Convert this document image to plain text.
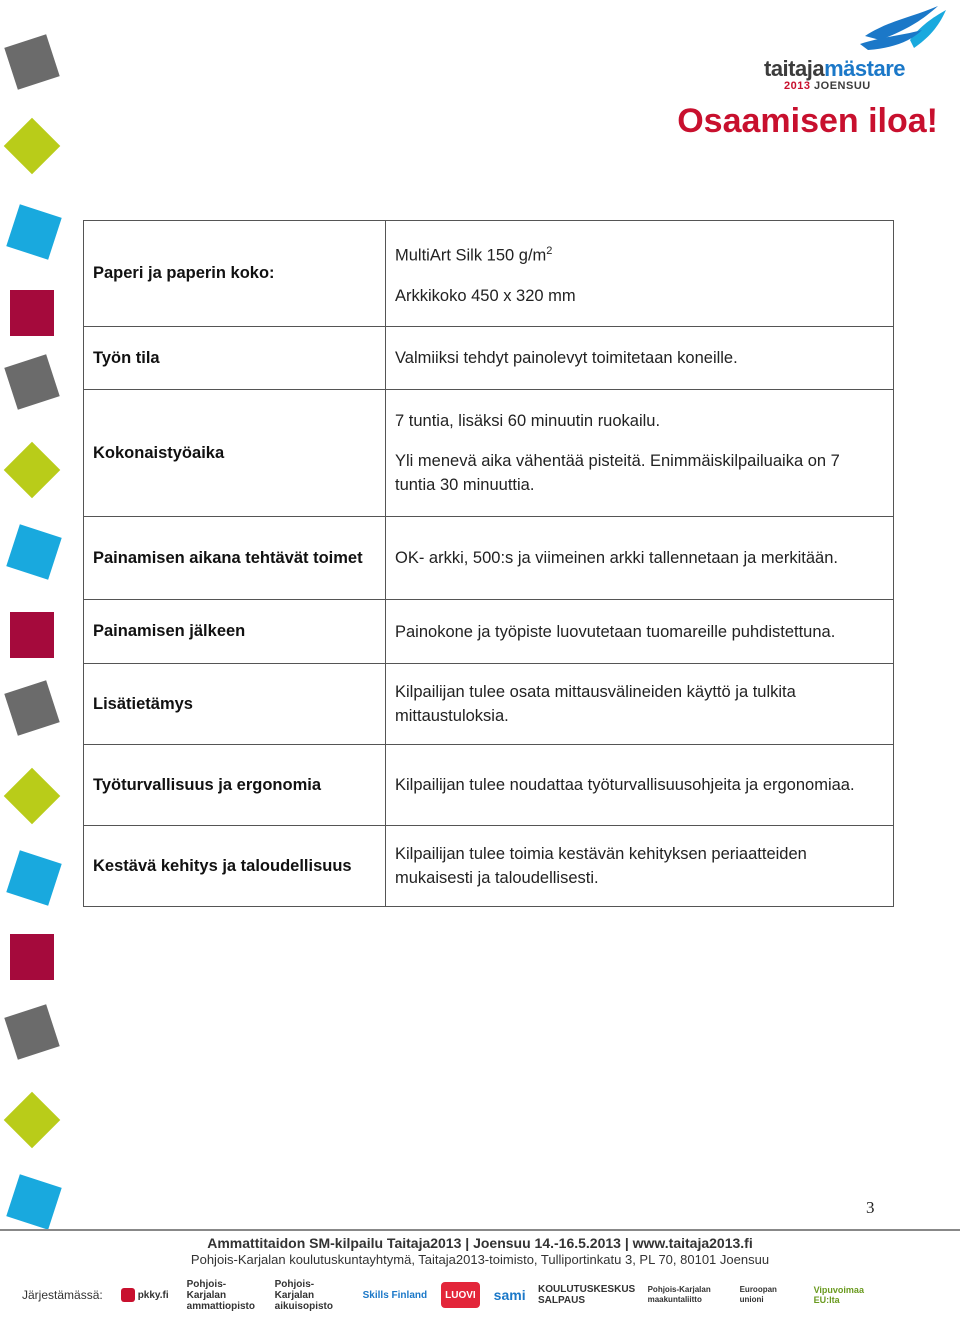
taitajamästare
2013 JOENSUU
Osaamisen iloa!
Paperi ja paperin koko:	MultiArt Silk 150 $g/m^2$

Arkkikoko 450 x 320 mm

Työn tila	Valmiiksi tehdyt painolevyt toimitetaan koneille.

Kokonaistyöaika	7 tuntia, lisäksi 60 minuutin ruokailu.

Yli menevä aika vähentää pisteitä. Enimmäiskilpailuaika on 7 tuntia 30 minuuttia.

Painamisen aikana tehtävät toimet	OK- arkki, 500:s ja viimeinen arkki tallennetaan ja merkitään.

Painamisen jälkeen	Painokone ja työpiste luovutetaan tuomareille puhdistettuna.

Lisätietämys	Kilpailijan tulee osata mittausvälineiden käyttö ja tulkita mittaustuloksia.

Työturvallisuus ja ergonomia	Kilpailijan tulee noudattaa työturvallisuusohjeita ja ergonomiaa.

Kestävä kehitys ja taloudellisuus	Kilpailijan tulee toimia kestävän kehityksen periaatteiden mukaisesti ja taloudellisesti.

3
Ammattitaidon SM-kilpailu Taitaja2013 | Joensuu 14.-16.5.2013 | www.taitaja2013.fi
Pohjois-Karjalan koulutuskuntayhtymä, Taitaja2013-toimisto, Tulliportinkatu 3, PL 70, 80101 Joensuu
Järjestämässä:	pkky.fi
Pohjois-Karjalan ammattiopisto
Pohjois-Karjalan aikuisopisto
Skills Finland	LUOVI sami	KOULUTUSKESKUS SALPAUS
Pohjois-Karjalan maakuntaliitto
Euroopan unioni
Vipuvoimaa EU:lta
